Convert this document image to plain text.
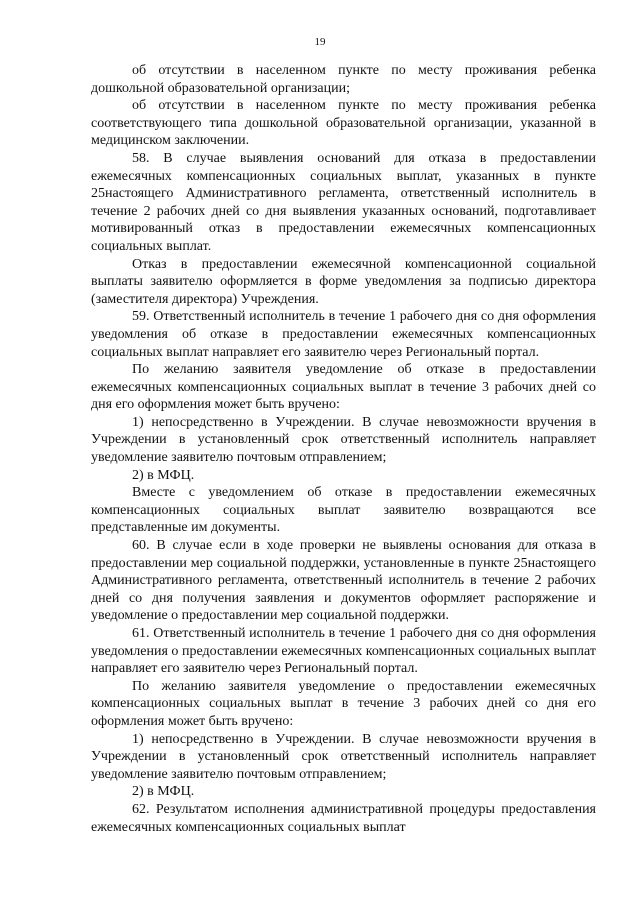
19

об отсутствии в населенном пункте по месту проживания ребенка дошкольной образовательной организации;

об отсутствии в населенном пункте по месту проживания ребенка соответствующего типа дошкольной образовательной организации, указанной в медицинском заключении.

58. В случае выявления оснований для отказа в предоставлении ежемесячных компенсационных социальных выплат, указанных в пункте 25настоящего Административного регламента, ответственный исполнитель в течение 2 рабочих дней со дня выявления указанных оснований, подготавливает мотивированный отказ в предоставлении ежемесячных компенсационных социальных выплат.

Отказ в предоставлении ежемесячной компенсационной социальной выплаты заявителю оформляется в форме уведомления за подписью директора (заместителя директора) Учреждения.

59. Ответственный исполнитель в течение 1 рабочего дня со дня оформления уведомления об отказе в предоставлении ежемесячных компенсационных социальных выплат направляет его заявителю через Региональный портал.

По желанию заявителя уведомление об отказе в предоставлении ежемесячных компенсационных социальных выплат в течение 3 рабочих дней со дня его оформления может быть вручено:

1) непосредственно в Учреждении. В случае невозможности вручения в Учреждении в установленный срок ответственный исполнитель направляет уведомление заявителю почтовым отправлением;

2) в МФЦ.

Вместе с уведомлением об отказе в предоставлении ежемесячных компенсационных социальных выплат заявителю возвращаются все представленные им документы.

60. В случае если в ходе проверки не выявлены основания для отказа в предоставлении мер социальной поддержки, установленные в пункте 25настоящего Административного регламента, ответственный исполнитель в течение 2 рабочих дней со дня получения заявления и документов оформляет распоряжение и уведомление о предоставлении мер социальной поддержки.

61. Ответственный исполнитель в течение 1 рабочего дня со дня оформления уведомления о предоставлении ежемесячных компенсационных социальных выплат направляет его заявителю через Региональный портал.

По желанию заявителя уведомление о предоставлении ежемесячных компенсационных социальных выплат в течение 3 рабочих дней со дня его оформления может быть вручено:

1) непосредственно в Учреждении. В случае невозможности вручения в Учреждении в установленный срок ответственный исполнитель направляет уведомление заявителю почтовым отправлением;

2) в МФЦ.

62. Результатом исполнения административной процедуры предоставления ежемесячных компенсационных социальных выплат
